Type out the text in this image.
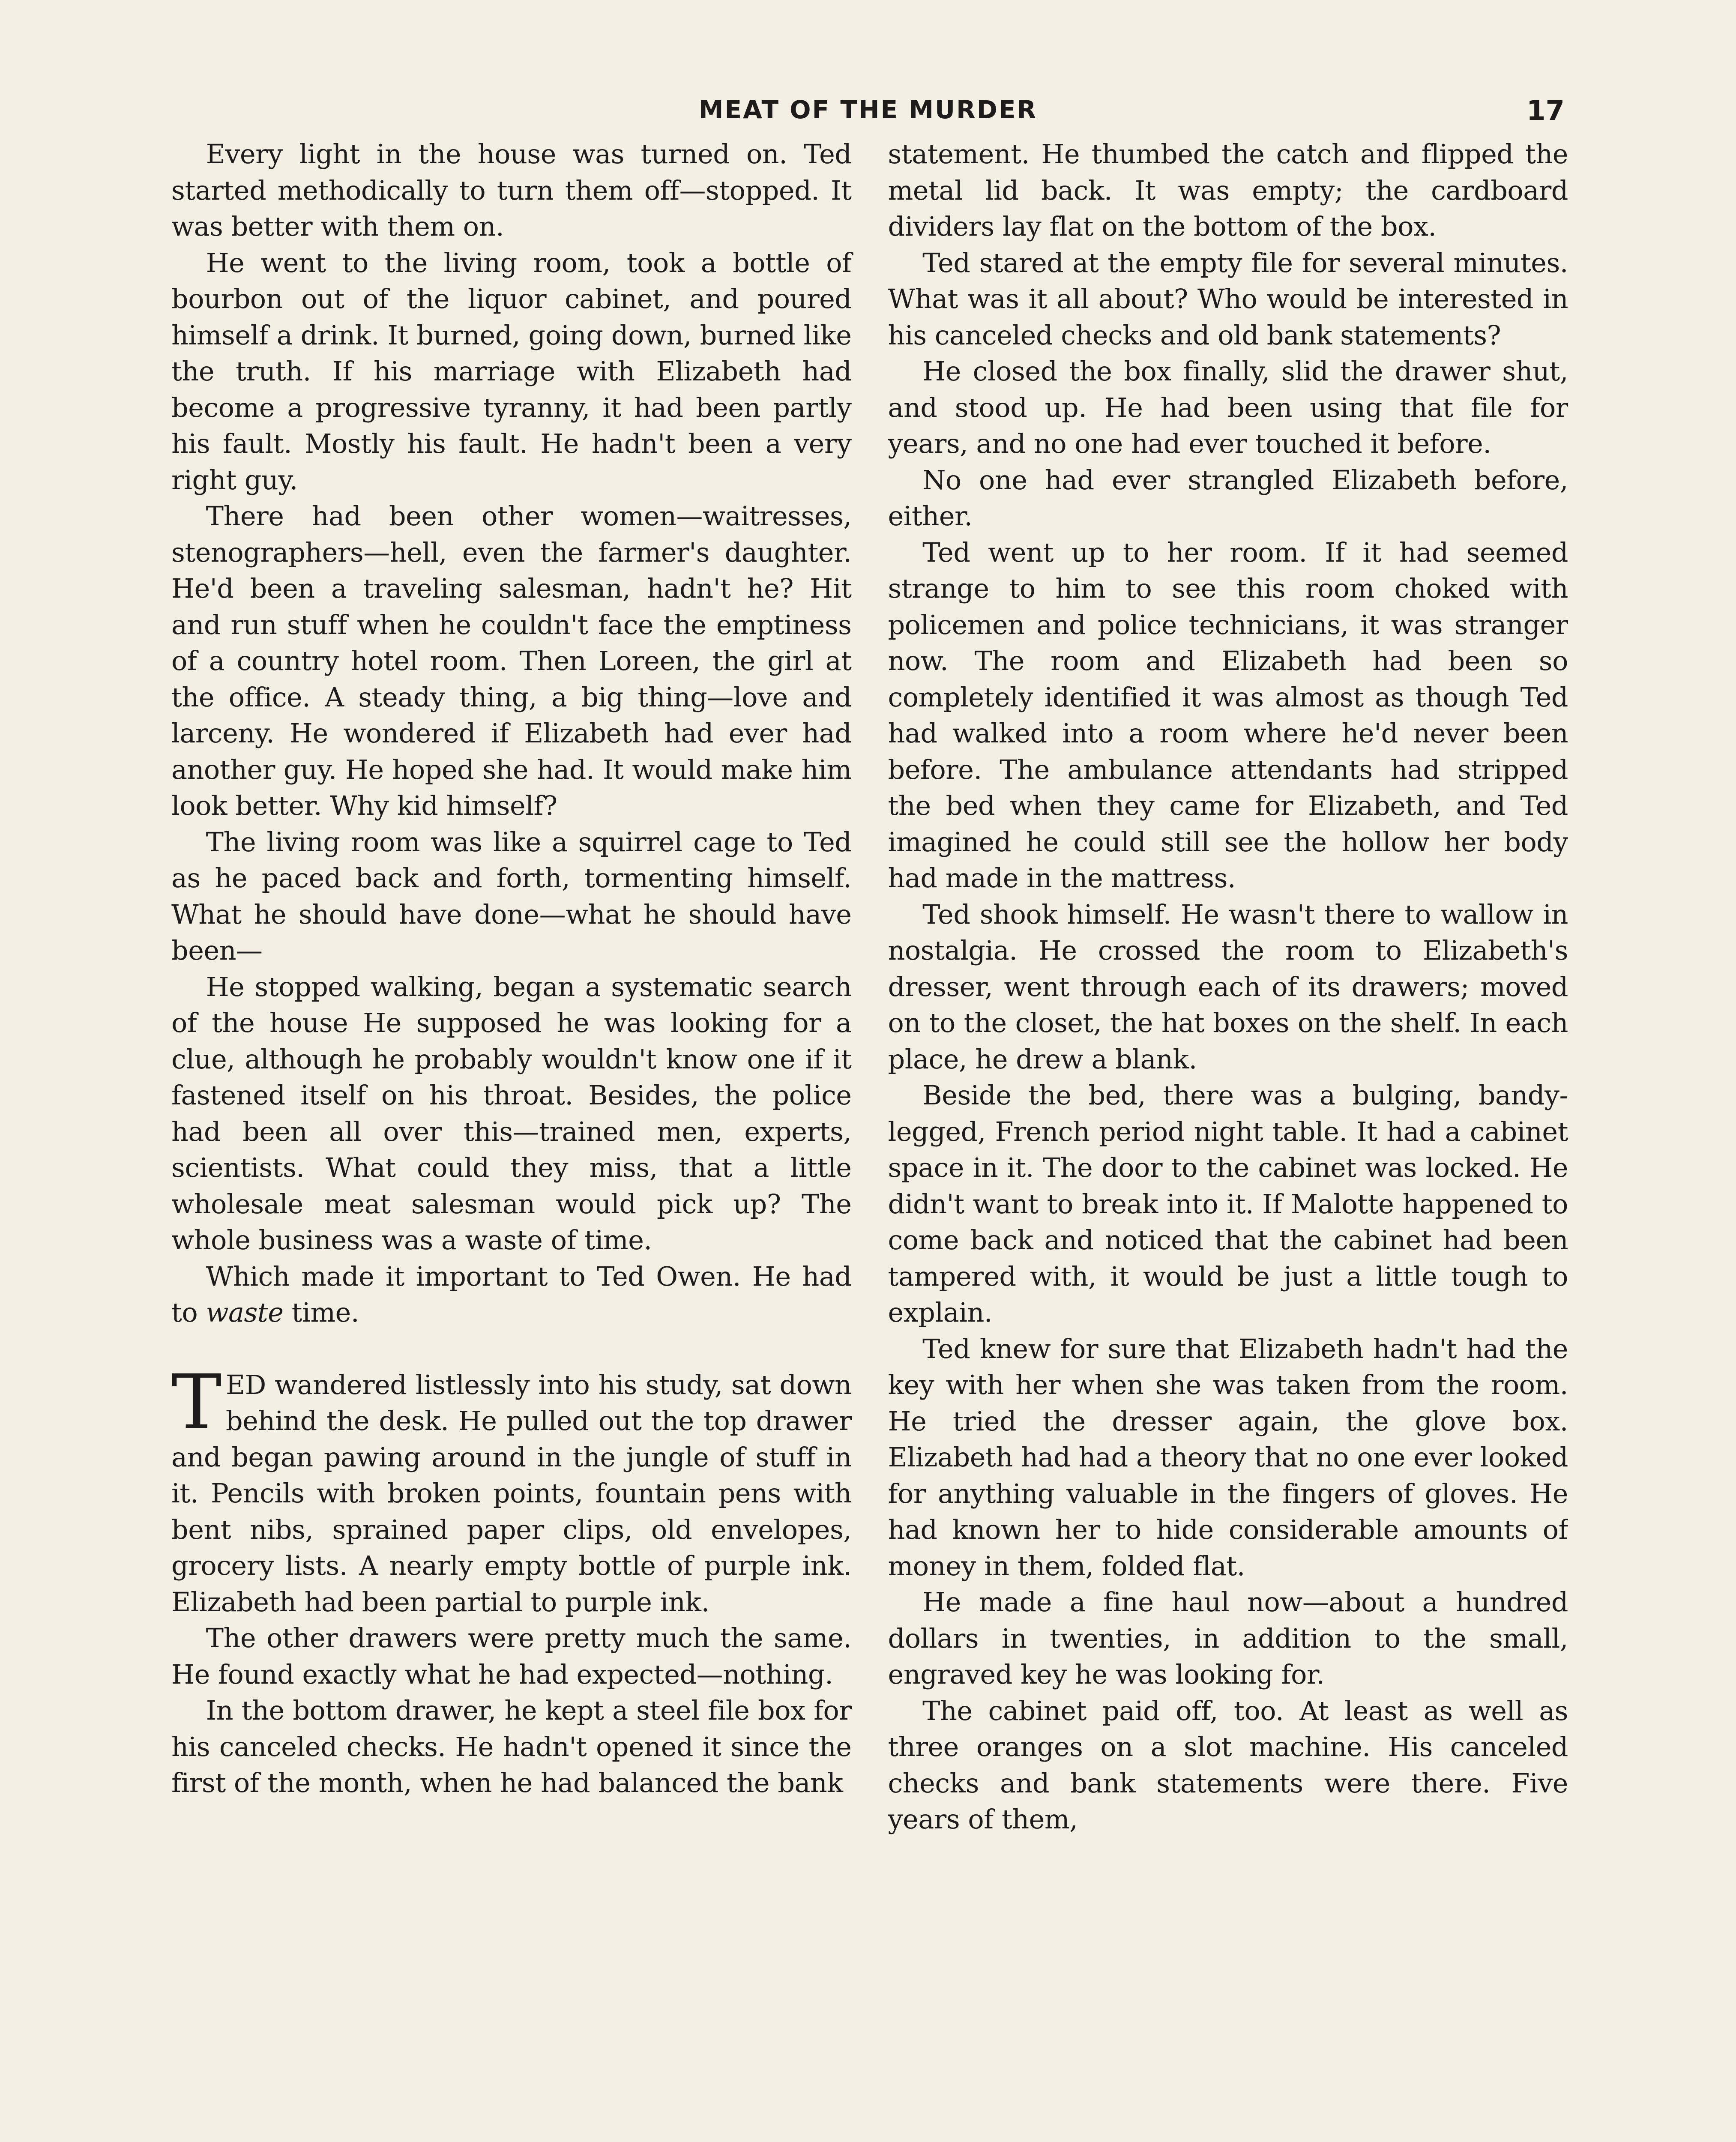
MEAT OF THE MURDER	17

Every light in the house was turned on. Ted started methodically to turn them off—stopped. It was better with them on.

He went to the living room, took a bottle of bourbon out of the liquor cabinet, and poured himself a drink. It burned, going down, burned like the truth. If his marriage with Elizabeth had become a progressive tyranny, it had been partly his fault. Mostly his fault. He hadn't been a very right guy.

There had been other women—waitresses, stenographers—hell, even the farmer's daughter. He'd been a traveling salesman, hadn't he? Hit and run stuff when he couldn't face the emptiness of a country hotel room. Then Loreen, the girl at the office. A steady thing, a big thing—love and larceny. He wondered if Elizabeth had ever had another guy. He hoped she had. It would make him look better. Why kid himself?

The living room was like a squirrel cage to Ted as he paced back and forth, tormenting himself. What he should have done—what he should have been—

He stopped walking, began a systematic search of the house He supposed he was looking for a clue, although he probably wouldn't know one if it fastened itself on his throat. Besides, the police had been all over this—trained men, experts, scientists. What could they miss, that a little wholesale meat salesman would pick up? The whole business was a waste of time.

Which made it important to Ted Owen. He had to waste time.

TED wandered listlessly into his study, sat down behind the desk. He pulled out the top drawer and began pawing around in the jungle of stuff in it. Pencils with broken points, fountain pens with bent nibs, sprained paper clips, old envelopes, grocery lists. A nearly empty bottle of purple ink. Elizabeth had been partial to purple ink.

The other drawers were pretty much the same. He found exactly what he had expected—nothing.

In the bottom drawer, he kept a steel file box for his canceled checks. He hadn't opened it since the first of the month, when he had balanced the bank

statement. He thumbed the catch and flipped the metal lid back. It was empty; the cardboard dividers lay flat on the bottom of the box.

Ted stared at the empty file for several minutes. What was it all about? Who would be interested in his canceled checks and old bank statements?

He closed the box finally, slid the drawer shut, and stood up. He had been using that file for years, and no one had ever touched it before.

No one had ever strangled Elizabeth before, either.

Ted went up to her room. If it had seemed strange to him to see this room choked with policemen and police technicians, it was stranger now. The room and Elizabeth had been so completely identified it was almost as though Ted had walked into a room where he'd never been before. The ambulance attendants had stripped the bed when they came for Elizabeth, and Ted imagined he could still see the hollow her body had made in the mattress.

Ted shook himself. He wasn't there to wallow in nostalgia. He crossed the room to Elizabeth's dresser, went through each of its drawers; moved on to the closet, the hat boxes on the shelf. In each place, he drew a blank.

Beside the bed, there was a bulging, bandy-legged, French period night table. It had a cabinet space in it. The door to the cabinet was locked. He didn't want to break into it. If Malotte happened to come back and noticed that the cabinet had been tampered with, it would be just a little tough to explain.

Ted knew for sure that Elizabeth hadn't had the key with her when she was taken from the room. He tried the dresser again, the glove box. Elizabeth had had a theory that no one ever looked for anything valuable in the fingers of gloves. He had known her to hide considerable amounts of money in them, folded flat.

He made a fine haul now—about a hundred dollars in twenties, in addition to the small, engraved key he was looking for.

The cabinet paid off, too. At least as well as three oranges on a slot machine. His canceled checks and bank statements were there. Five years of them,
